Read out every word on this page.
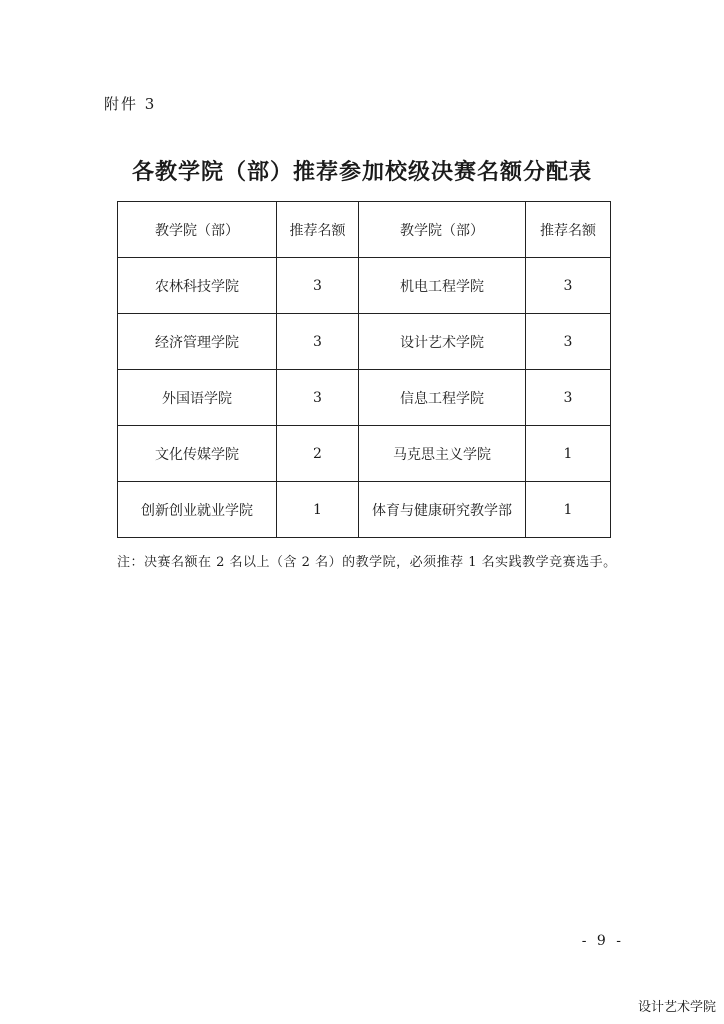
附件 3
各教学院（部）推荐参加校级决赛名额分配表
教学院（部）	推荐名额	教学院（部）	推荐名额
农林科技学院	3	机电工程学院	3
经济管理学院	3	设计艺术学院	3
外国语学院	3	信息工程学院	3
文化传媒学院	2	马克思主义学院	1
创新创业就业学院	1	体育与健康研究教学部	1
注：决赛名额在 2 名以上（含 2 名）的教学院，必须推荐 1 名实践教学竞赛选手。
- 9 -
设计艺术学院
